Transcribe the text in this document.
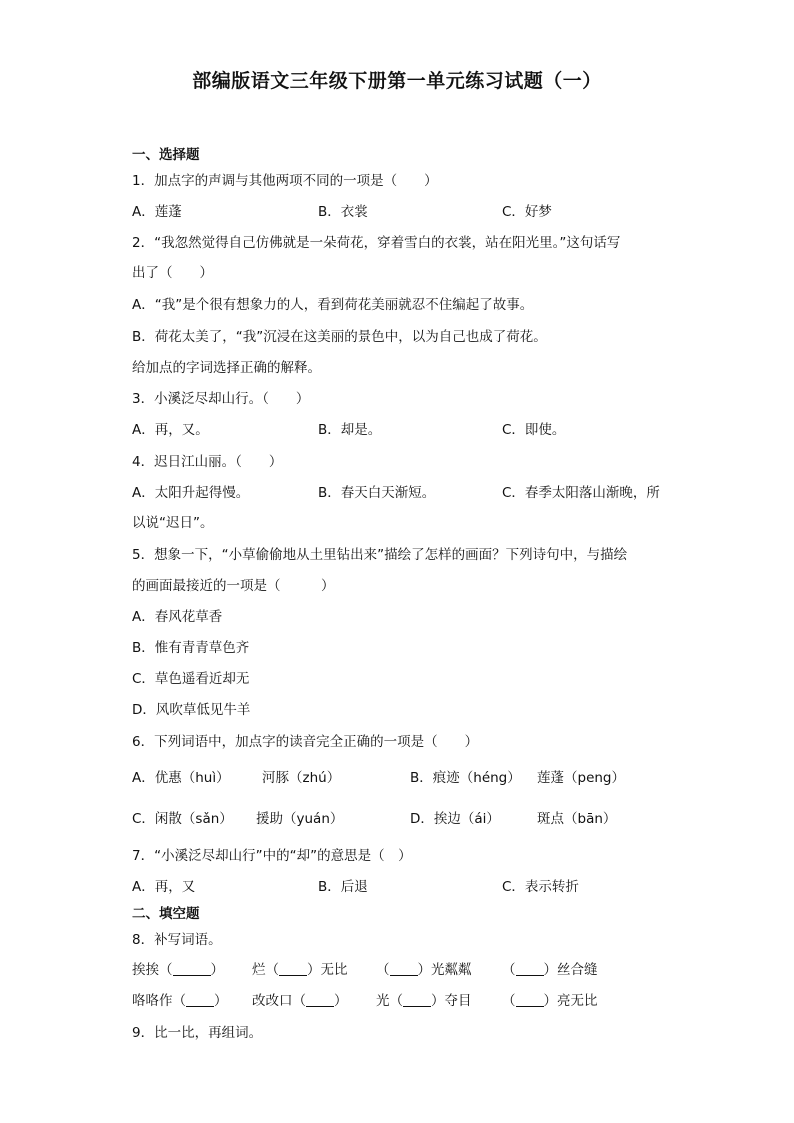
部编版语文三年级下册第一单元练习试题（一）
一、选择题
1．加点字的声调与其他两项不同的一项是（　　）
A．莲蓬	B．衣裳	C．好梦
2．“我忽然觉得自己仿佛就是一朵荷花，穿着雪白的衣裳，站在阳光里。”这句话写
出了（　　）
A．“我”是个很有想象力的人，看到荷花美丽就忍不住编起了故事。
B．荷花太美了，“我”沉浸在这美丽的景色中，以为自己也成了荷花。
给加点的字词选择正确的解释。
3．小溪泛尽却山行。（　　）
A．再，又。	B．却是。	C．即使。
4．迟日江山丽。（　　）
A．太阳升起得慢。	B．春天白天渐短。	C．春季太阳落山渐晚，所
以说“迟日”。
5．想象一下，“小草偷偷地从土里钻出来”描绘了怎样的画面？下列诗句中，与描绘
的画面最接近的一项是（　　　）
A．春风花草香
B．惟有青青草色齐
C．草色遥看近却无
D．风吹草低见牛羊
6．下列词语中，加点字的读音完全正确的一项是（　　）
A．优惠（huì） 河豚（zhú）	B．痕迹（héng） 莲蓬（peng）
C．闲散（sǎn） 援助（yuán）	D．挨边（ái）	斑点（bān）
7．“小溪泛尽却山行”中的“却”的意思是（　）
A．再，又	B．后退	C．表示转折
二、填空题
8．补写词语。
挨挨（	） 烂（ ）无比 （ ）光粼粼 （ ）丝合缝
咯咯作（ ） 改改口（ ） 光（ ）夺目 （ ）亮无比
9．比一比，再组词。
